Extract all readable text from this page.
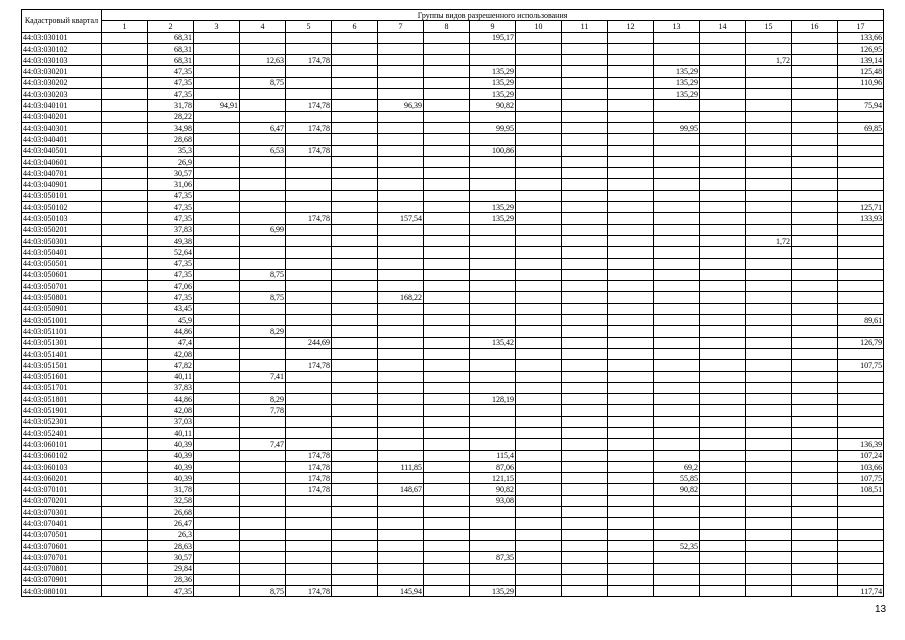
Кадастровый квартал	Группы видов разрешенного использования																
	1	2	3	4	5	6	7	8	9	10	11	12	13	14	15	16	17
44:03:030101		68,31							195,17								133,66
44:03:030102		68,31															126,95
44:03:030103		68,31		12,63	174,78										1,72		139,14
44:03:030201		47,35							135,29				135,29				125,48
44:03:030202		47,35		8,75					135,29				135,29				110,96
44:03:030203		47,35							135,29				135,29				
44:03:040101		31,78	94,91		174,78		96,39		90,82								75,94
44:03:040201		28,22															
44:03:040301		34,98		6,47	174,78				99,95				99,95				69,85
44:03:040401		28,68															
44:03:040501		35,3		6,53	174,78				100,86								
44:03:040601		26,9															
44:03:040701		30,57															
44:03:040901		31,06															
44:03:050101		47,35															
44:03:050102		47,35							135,29								125,71
44:03:050103		47,35			174,78		157,54		135,29								133,93
44:03:050201		37,83		6,99													
44:03:050301		49,38													1,72		
44:03:050401		52,64															
44:03:050501		47,35															
44:03:050601		47,35		8,75													
44:03:050701		47,06															
44:03:050801		47,35		8,75			168,22										
44:03:050901		43,45															
44:03:051001		45,9															89,61
44:03:051101		44,86		8,29													
44:03:051301		47,4			244,69				135,42								126,79
44:03:051401		42,08															
44:03:051501		47,82			174,78												107,75
44:03:051601		40,11		7,41													
44:03:051701		37,83															
44:03:051801		44,86		8,29					128,19								
44:03:051901		42,08		7,78													
44:03:052301		37,03															
44:03:052401		40,11															
44:03:060101		40,39		7,47													136,39
44:03:060102		40,39			174,78				115,4								107,24
44:03:060103		40,39			174,78		111,85		87,06				69,2				103,66
44:03:060201		40,39			174,78				121,15				55,85				107,75
44:03:070101		31,78			174,78		148,67		90,82				90,82				108,51
44:03:070201		32,58							93,08								
44:03:070301		26,68															
44:03:070401		26,47															
44:03:070501		26,3															
44:03:070601		28,63											52,35				
44:03:070701		30,57							87,35								
44:03:070801		29,84															
44:03:070901		28,36															
44:03:080101		47,35		8,75	174,78		145,94		135,29								117,74
13
